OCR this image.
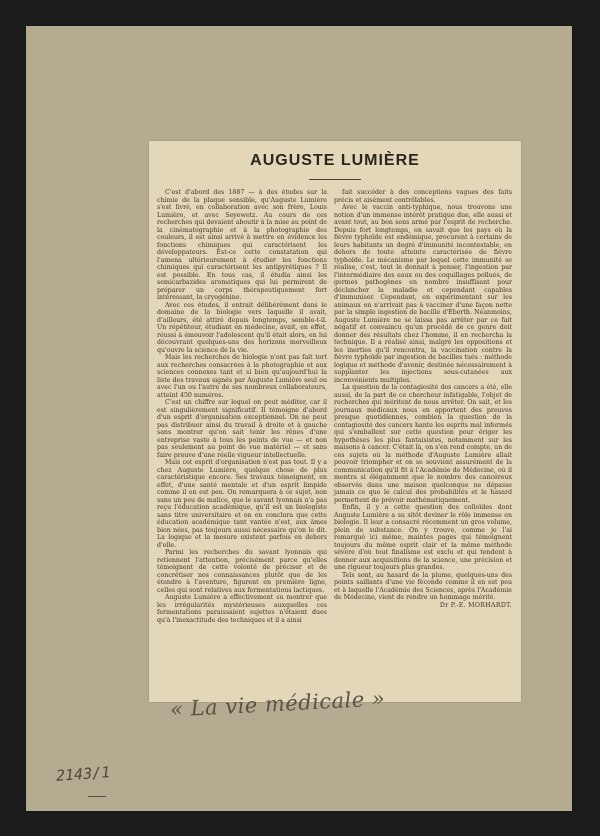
AUGUSTE LUMIÈRE

C'est d'abord des 1887 — à des études sur la chimie de la plaque sensible, qu'Auguste Lumière s'est livré, en collaboration avec son frère, Louis Lumière, et avec Seyewetz. Au cours de ces recherches qui devaient aboutir à la mise au point de la cinématographie et à la photographie des couleurs, il est ainsi arrivé à mettre en évidence les fonctions chimiques qui caractérisent les développateurs. Est-ce cette constatation qui l'amena ultérieurement à étudier les fonctions chimiques qui caractérisent les antipyrétiques ? Il est possible. En tous cas, il étudia ainsi les semicarbazides aromatiques qui lui permirent de préparer un corps thérapeutiquement fort intéressant, la cryogénine.

Avec ces études, il entrait délibérément dans le domaine de la biologie vers laquelle il avait, d'ailleurs, été attiré depuis longtemps, semble-t-il. Un répétiteur, étudiant en médecine, avait, en effet, réussi à émouvoir l'adolescent qu'il était alors, en lui découvrant quelques-uns des horizons merveilleux qu'ouvre la science de la vie.

Mais les recherches de biologie n'ont pas fait tort aux recherches consacrées à la photographie et aux sciences connexes tant et si bien qu'aujourd'hui la liste des travaux signés par Auguste Lumière seul ou avec l'un ou l'autre de ses nombreux collaborateurs, atteint 450 numéros.

C'est un chiffre sur lequel on peut méditer, car il est singulièrement significatif. Il témoigne d'abord d'un esprit d'organisation exceptionnel. On ne peut pas distribuer ainsi du travail à droite et à gauche sans montrer qu'on sait tenir les rênes d'une entreprise vaste à tous les points de vue — et non pas seulement au point de vue matériel — et sans faire preuve d'une réelle vigueur intellectuelle.

Mais cet esprit d'organisation n'est pas tout. Il y a chez Auguste Lumière, quelque chose de plus caractéristique encore. Ses travaux témoignent, en effet, d'une santé mentale et d'un esprit limpide comme il en est peu. On remarquera à ce sujet, non sans un peu de malice, que le savant lyonnais n'a pas reçu l'éducation académique, qu'il est un biologiste sans titre universitaire et on en conclura que cette éducation académique tant vantée n'est, aux âmes bien nées, pas toujours aussi nécessaire qu'on le dit. La logique et la mesure existent parfois en dehors d'elle.

Parmi les recherches du savant lyonnais qui retiennent l'attention, précisément parce qu'elles témoignent de cette volonté de préciser et de concrétiser nos connaissances plutôt que de les étendre à l'aventure, figurent en première ligne, celles qui sont relatives aux fermentations lactiques.

Auguste Lumière a effectivement su montrer que les irrégularités mystérieuses auxquelles ces fermentations paraissaient sujettes n'étaient dues qu'à l'inexactitude des techniques et il a ainsi

fait succéder à des conceptions vagues des faits précis et aisément contrôlables.

Avec le vaccin anti-typhique, nous trouvons une notion d'un immense intérêt pratique due, elle aussi et avant tout, au bon sens armé par l'esprit de recherche. Depuis fort longtemps, on savait que les pays où la fièvre typhoïde est endémique, procurent à certains de leurs habitants un degré d'immunité incontestable, en dehors de toute atteinte caractérisée de fièvre typhoïde. Le mécanisme par lequel cette immunité se réalise, c'est, tout le donnait à penser, l'ingestion par l'intermédiaire des eaux ou des coquillages pollués, de germes pathogènes en nombre insuffisant pour déclancher la maladie et cependant capables d'immuniser. Cependant, en expérimentant sur les animaux on n'arrivait pas à vacciner d'une façon nette par la simple ingestion de bacille d'Eberth. Néanmoins, Auguste Lumière ne se laissa pas arrêter par ce fait négatif et convaincu qu'un procédé de ce genre doit donner des résultats chez l'homme, il en rechercha la technique. Il a réalisé ainsi, malgré les oppositions et les inerties qu'il rencontra, la vaccination contre la fièvre typhoïde par ingestion de bacilles tués : méthode logique et méthode d'avenir, destinée nécessairement à supplanter les injections sous-cutanées aux inconvénients multiples.

La question de la contagiosité des cancers a été, elle aussi, de la part de ce chercheur infatigable, l'objet de recherches qui méritent de nous arrêter. On sait, et les journaux médicaux nous en apportent des preuves presque quotidiennes, combien la question de la contagiosité des cancers hante les esprits mal informés qui s'emballent sur cette question pour ériger les hypothèses les plus fantaisistes, notamment sur les maisons à cancer. C'était là, on s'en rend compte, un de ces sujets où la méthode d'Auguste Lumière allait pouvoir triompher et on se souvient assurément de la communication qu'il fit à l'Académie de Médecine, où il montra si élégamment que le nombre des cancéreux observés dans une maison quelconque ne dépasse jamais ce que le calcul des probabilités et le hasard permettent de prévoir mathématiquement.

Enfin, il y a cette question des colloïdes dont Auguste Lumière a su sitôt deviner le rôle immense en biologie. Il leur a consacré récemment un gros volume, plein de substance. On y trouve, comme je l'ai remarqué ici même, maintes pages qui témoignent toujours du même esprit clair et la même méthode sévère d'où tout finalisme est exclu et qui tendent à donner aux acquisitions de la science, une précision et une rigueur toujours plus grandes.

Tels sont, au hasard de la plume, quelques-uns des points saillants d'une vie féconde comme il en est peu et à laquelle l'Académie des Sciences, après l'Académie de Médecine, vient de rendre un hommage mérité.

Dr P.-E. MORHARDT.

« La vie médicale »
2143/1
